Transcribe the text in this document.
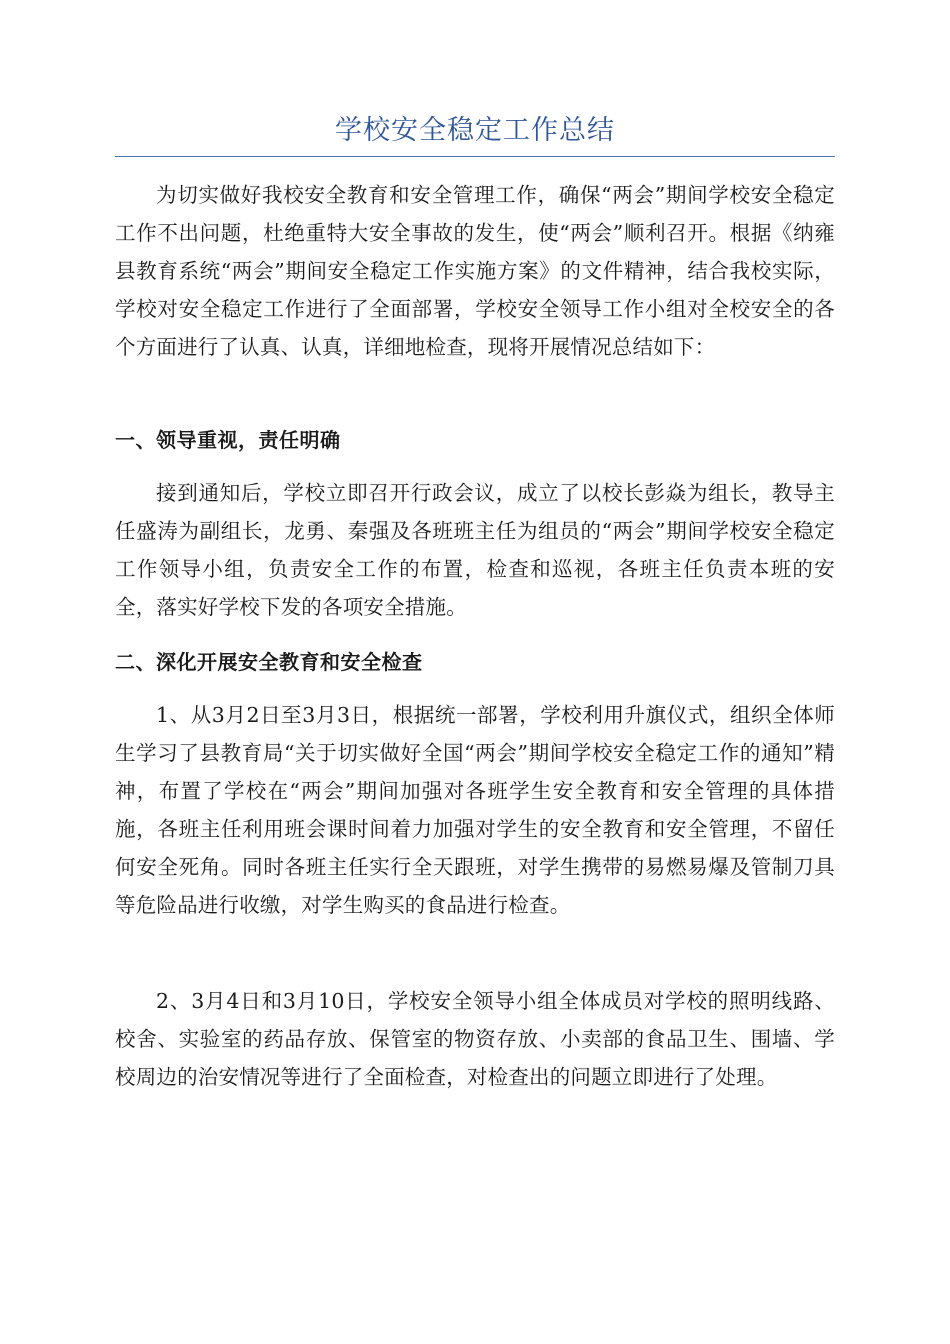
学校安全稳定工作总结
为切实做好我校安全教育和安全管理工作，确保“两会”期间学校安全稳定工作不出问题，杜绝重特大安全事故的发生，使“两会”顺利召开。根据《纳雍县教育系统“两会”期间安全稳定工作实施方案》的文件精神，结合我校实际，学校对安全稳定工作进行了全面部署，学校安全领导工作小组对全校安全的各个方面进行了认真、认真，详细地检查，现将开展情况总结如下：
一、领导重视，责任明确
接到通知后，学校立即召开行政会议，成立了以校长彭焱为组长，教导主任盛涛为副组长，龙勇、秦强及各班班主任为组员的“两会”期间学校安全稳定工作领导小组，负责安全工作的布置，检查和巡视，各班主任负责本班的安全，落实好学校下发的各项安全措施。
二、深化开展安全教育和安全检查
1、从3月2日至3月3日，根据统一部署，学校利用升旗仪式，组织全体师生学习了县教育局“关于切实做好全国“两会”期间学校安全稳定工作的通知”精神，布置了学校在“两会”期间加强对各班学生安全教育和安全管理的具体措施，各班主任利用班会课时间着力加强对学生的安全教育和安全管理，不留任何安全死角。同时各班主任实行全天跟班，对学生携带的易燃易爆及管制刀具等危险品进行收缴，对学生购买的食品进行检查。
2、3月4日和3月10日，学校安全领导小组全体成员对学校的照明线路、校舍、实验室的药品存放、保管室的物资存放、小卖部的食品卫生、围墙、学校周边的治安情况等进行了全面检查，对检查出的问题立即进行了处理。
